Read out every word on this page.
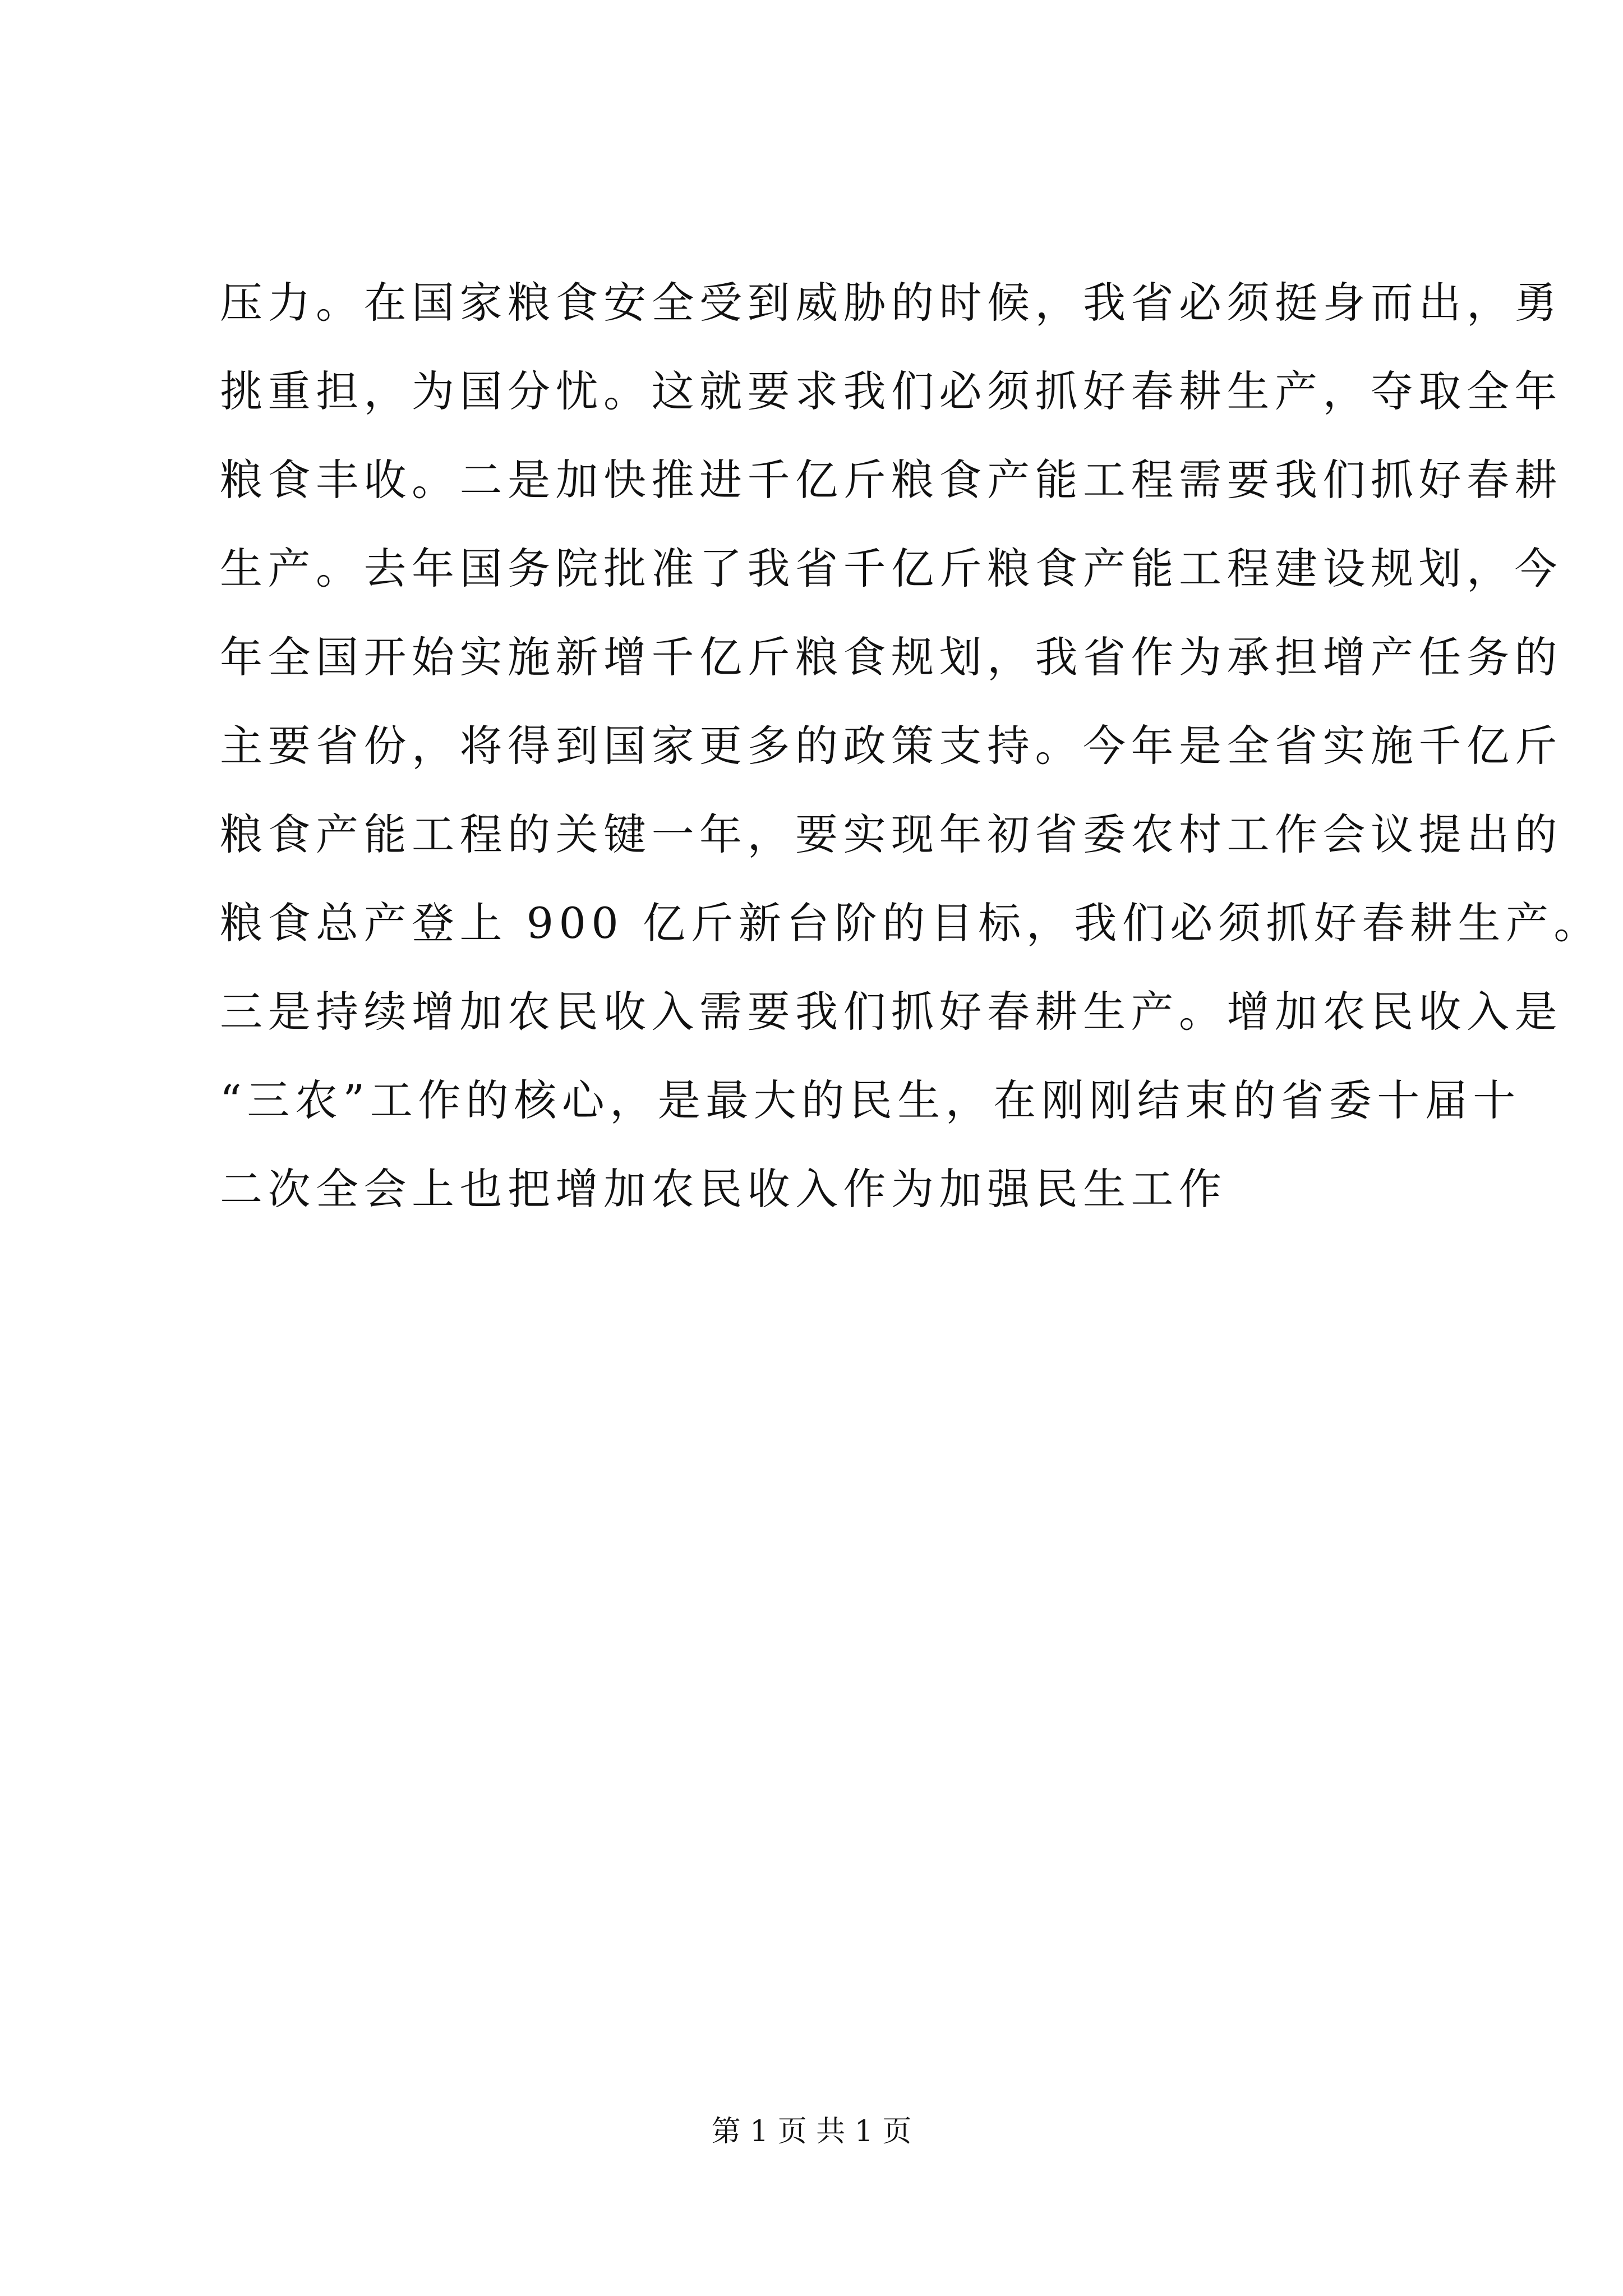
压力。在国家粮食安全受到威胁的时候，我省必须挺身而出，勇
挑重担，为国分忧。这就要求我们必须抓好春耕生产，夺取全年
粮食丰收。二是加快推进千亿斤粮食产能工程需要我们抓好春耕
生产。去年国务院批准了我省千亿斤粮食产能工程建设规划，今
年全国开始实施新增千亿斤粮食规划，我省作为承担增产任务的
主要省份，将得到国家更多的政策支持。今年是全省实施千亿斤
粮食产能工程的关键一年，要实现年初省委农村工作会议提出的
粮食总产登上 900 亿斤新台阶的目标，我们必须抓好春耕生产。
三是持续增加农民收入需要我们抓好春耕生产。增加农民收入是
“三农”工作的核心，是最大的民生，在刚刚结束的省委十届十
二次全会上也把增加农民收入作为加强民生工作
第 1 页 共 1 页
